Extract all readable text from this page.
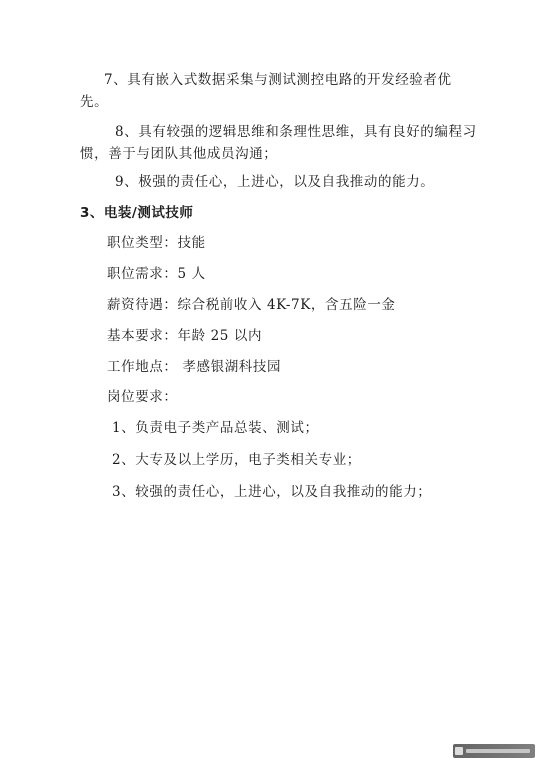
7、具有嵌入式数据采集与测试测控电路的开发经验者优
先。
8、具有较强的逻辑思维和条理性思维，具有良好的编程习
惯，善于与团队其他成员沟通；
9、极强的责任心，上进心，以及自我推动的能力。
3、电装/测试技师
职位类型：技能
职位需求：5 人
薪资待遇：综合税前收入 4K-7K，含五险一金
基本要求：年龄 25 以内
工作地点： 孝感银湖科技园
岗位要求：
1、负责电子类产品总装、测试；
2、大专及以上学历，电子类相关专业；
3、较强的责任心，上进心，以及自我推动的能力；
